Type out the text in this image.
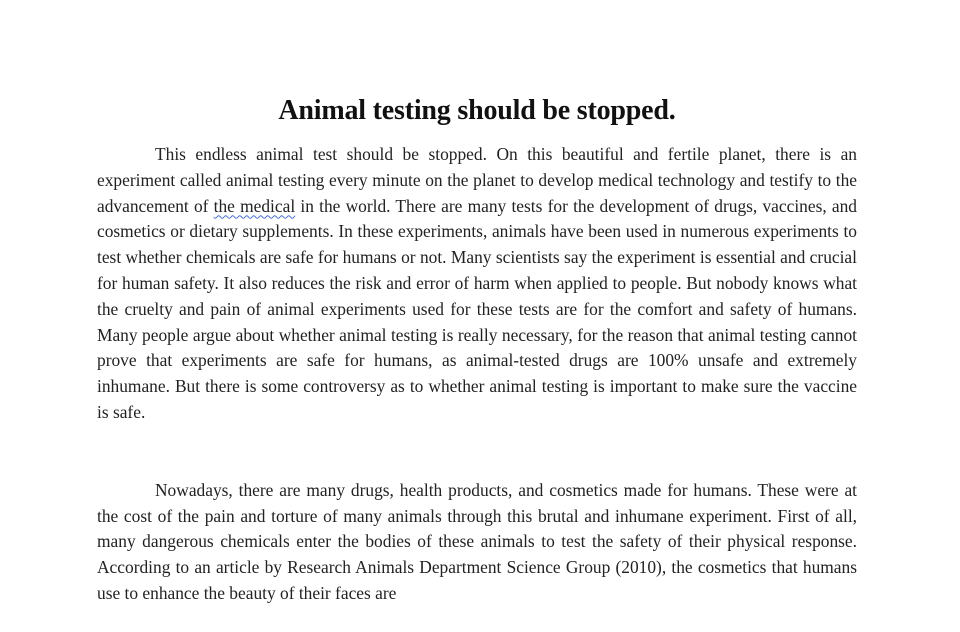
Animal testing should be stopped.

This endless animal test should be stopped. On this beautiful and fertile planet, there is an experiment called animal testing every minute on the planet to develop medical technology and testify to the advancement of the medical in the world. There are many tests for the development of drugs, vaccines, and cosmetics or dietary supplements. In these experiments, animals have been used in numerous experiments to test whether chemicals are safe for humans or not. Many scientists say the experiment is essential and crucial for human safety. It also reduces the risk and error of harm when applied to people. But nobody knows what the cruelty and pain of animal experiments used for these tests are for the comfort and safety of humans. Many people argue about whether animal testing is really necessary, for the reason that animal testing cannot prove that experiments are safe for humans, as animal-tested drugs are 100% unsafe and extremely inhumane. But there is some controversy as to whether animal testing is important to make sure the vaccine is safe.

Nowadays, there are many drugs, health products, and cosmetics made for humans. These were at the cost of the pain and torture of many animals through this brutal and inhumane experiment. First of all, many dangerous chemicals enter the bodies of these animals to test the safety of their physical response. According to an article by Research Animals Department Science Group (2010), the cosmetics that humans use to enhance the beauty of their faces are
